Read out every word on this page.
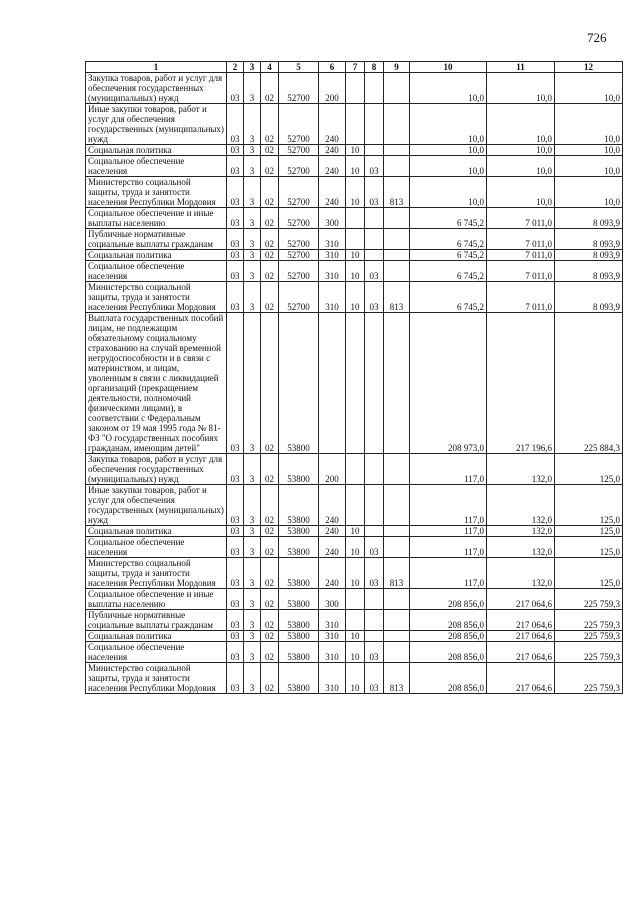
726
1	2	3	4	5	6	7	8	9	10	11	12
Закупка товаров, работ и услуг для обеспечения государственных (муниципальных) нужд	03	3	02	52700	200				10,0	10,0	10,0
Иные закупки товаров, работ и услуг для обеспечения государственных (муниципальных) нужд	03	3	02	52700	240				10,0	10,0	10,0
Социальная политика	03	3	02	52700	240	10			10,0	10,0	10,0
Социальное обеспечение населения	03	3	02	52700	240	10	03		10,0	10,0	10,0
Министерство социальной защиты, труда и занятости населения Республики Мордовия	03	3	02	52700	240	10	03	813	10,0	10,0	10,0
Социальное обеспечение и иные выплаты населению	03	3	02	52700	300				6 745,2	7 011,0	8 093,9
Публичные нормативные социальные выплаты гражданам	03	3	02	52700	310				6 745,2	7 011,0	8 093,9
Социальная политика	03	3	02	52700	310	10			6 745,2	7 011,0	8 093,9
Социальное обеспечение населения	03	3	02	52700	310	10	03		6 745,2	7 011,0	8 093,9
Министерство социальной защиты, труда и занятости населения Республики Мордовия	03	3	02	52700	310	10	03	813	6 745,2	7 011,0	8 093,9
Выплата государственных пособий лицам, не подлежащим обязательному социальному страхованию на случай временной нетрудоспособности и в связи с материнством, и лицам, уволенным в связи с ликвидацией организаций (прекращением деятельности, полномочий физическими лицами), в соответствии с Федеральным законом от 19 мая 1995 года № 81-ФЗ "О государственных пособиях гражданам, имеющим детей"	03	3	02	53800					208 973,0	217 196,6	225 884,3
Закупка товаров, работ и услуг для обеспечения государственных (муниципальных) нужд	03	3	02	53800	200				117,0	132,0	125,0
Иные закупки товаров, работ и услуг для обеспечения государственных (муниципальных) нужд	03	3	02	53800	240				117,0	132,0	125,0
Социальная политика	03	3	02	53800	240	10			117,0	132,0	125,0
Социальное обеспечение населения	03	3	02	53800	240	10	03		117,0	132,0	125,0
Министерство социальной защиты, труда и занятости населения Республики Мордовия	03	3	02	53800	240	10	03	813	117,0	132,0	125,0
Социальное обеспечение и иные выплаты населению	03	3	02	53800	300				208 856,0	217 064,6	225 759,3
Публичные нормативные социальные выплаты гражданам	03	3	02	53800	310				208 856,0	217 064,6	225 759,3
Социальная политика	03	3	02	53800	310	10			208 856,0	217 064,6	225 759,3
Социальное обеспечение населения	03	3	02	53800	310	10	03		208 856,0	217 064,6	225 759,3
Министерство социальной защиты, труда и занятости населения Республики Мордовия	03	3	02	53800	310	10	03	813	208 856,0	217 064,6	225 759,3
